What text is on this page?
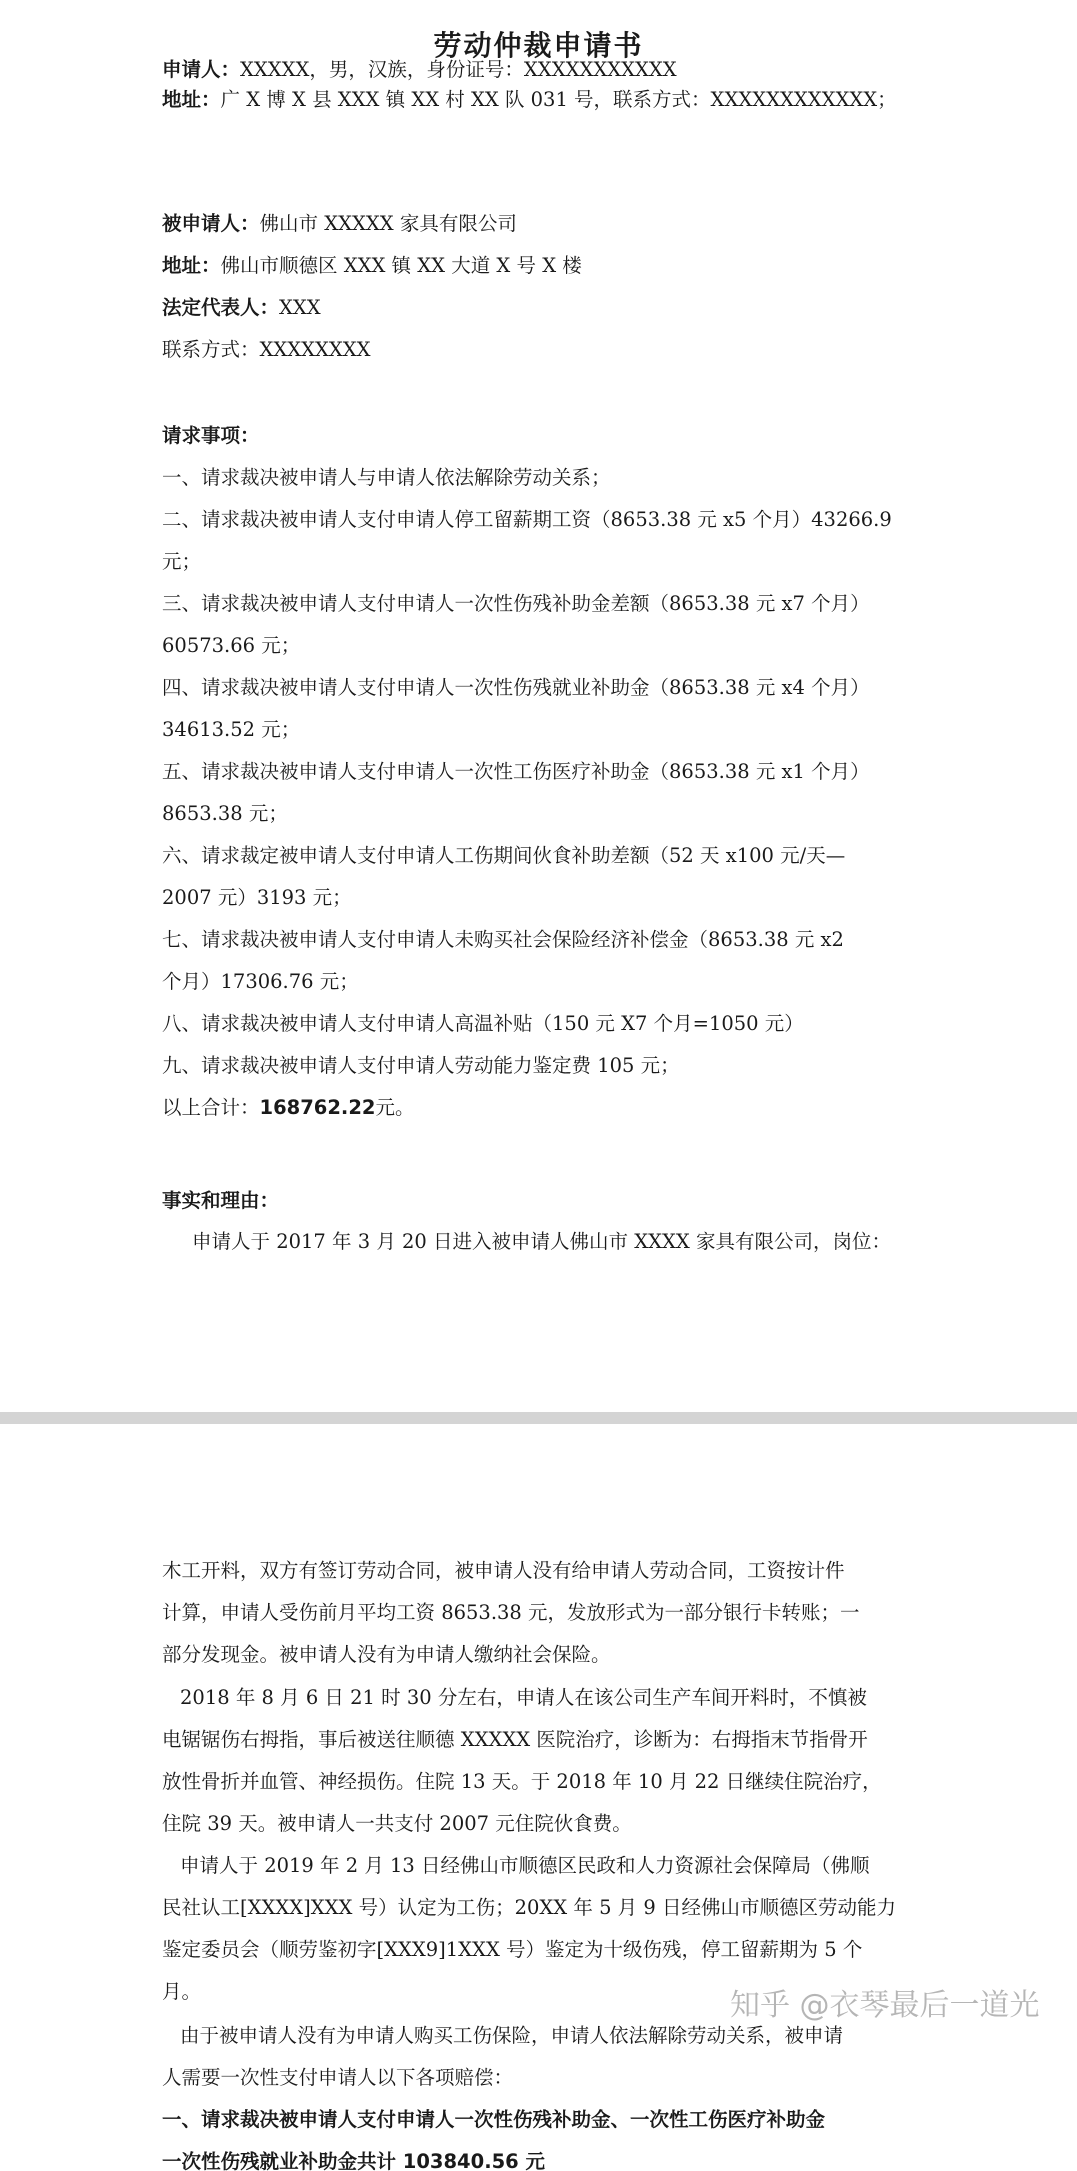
劳动仲裁申请书
申请人：XXXXX，男，汉族，身份证号：XXXXXXXXXXX
地址：广 X 博 X 县 XXX 镇 XX 村 XX 队 031 号，联系方式：XXXXXXXXXXXX；
被申请人：佛山市 XXXXX 家具有限公司
地址：佛山市顺德区 XXX 镇 XX 大道 X 号 X 楼
法定代表人：XXX
联系方式：XXXXXXXX
请求事项：
一、请求裁决被申请人与申请人依法解除劳动关系；
二、请求裁决被申请人支付申请人停工留薪期工资（8653.38 元 x5 个月）43266.9
元；
三、请求裁决被申请人支付申请人一次性伤残补助金差额（8653.38 元 x7 个月）
60573.66 元；
四、请求裁决被申请人支付申请人一次性伤残就业补助金（8653.38 元 x4 个月）
34613.52 元；
五、请求裁决被申请人支付申请人一次性工伤医疗补助金（8653.38 元 x1 个月）
8653.38 元；
六、请求裁定被申请人支付申请人工伤期间伙食补助差额（52 天 x100 元/天—
2007 元）3193 元；
七、请求裁决被申请人支付申请人未购买社会保险经济补偿金（8653.38 元 x2
个月）17306.76 元；
八、请求裁决被申请人支付申请人高温补贴（150 元 X7 个月=1050 元）
九、请求裁决被申请人支付申请人劳动能力鉴定费 105 元；
以上合计：168762.22元。
事实和理由：
申请人于 2017 年 3 月 20 日进入被申请人佛山市 XXXX 家具有限公司，岗位：
木工开料，双方有签订劳动合同，被申请人没有给申请人劳动合同，工资按计件
计算，申请人受伤前月平均工资 8653.38 元，发放形式为一部分银行卡转账；一
部分发现金。被申请人没有为申请人缴纳社会保险。
2018 年 8 月 6 日 21 时 30 分左右，申请人在该公司生产车间开料时，不慎被
电锯锯伤右拇指，事后被送往顺德 XXXXX 医院治疗，诊断为：右拇指末节指骨开
放性骨折并血管、神经损伤。住院 13 天。于 2018 年 10 月 22 日继续住院治疗，
住院 39 天。被申请人一共支付 2007 元住院伙食费。
申请人于 2019 年 2 月 13 日经佛山市顺德区民政和人力资源社会保障局（佛顺
民社认工[XXXX]XXX 号）认定为工伤；20XX 年 5 月 9 日经佛山市顺德区劳动能力
鉴定委员会（顺劳鉴初字[XXX9]1XXX 号）鉴定为十级伤残，停工留薪期为 5 个
月。
由于被申请人没有为申请人购买工伤保险，申请人依法解除劳动关系，被申请
人需要一次性支付申请人以下各项赔偿：
一、请求裁决被申请人支付申请人一次性伤残补助金、一次性工伤医疗补助金
一次性伤残就业补助金共计 103840.56 元
知乎 @衣琴最后一道光
